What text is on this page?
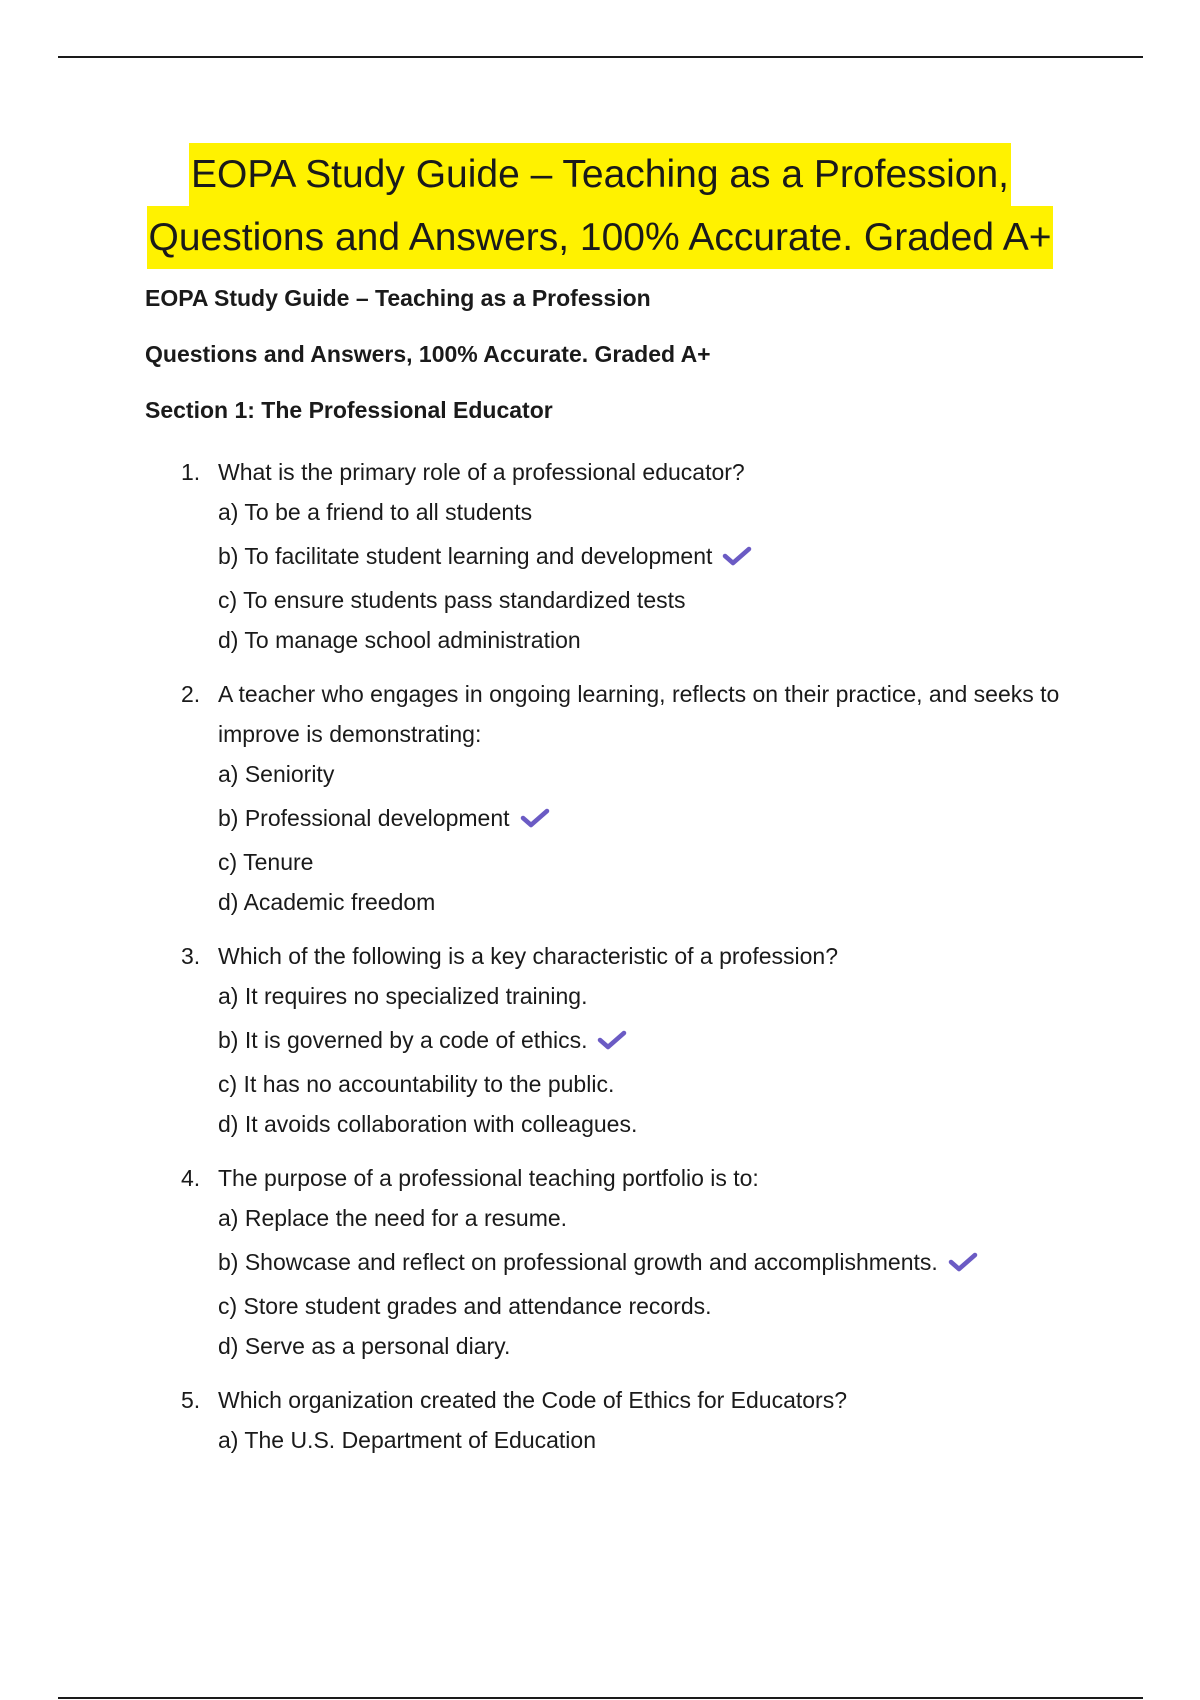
EOPA Study Guide – Teaching as a Profession,
Questions and Answers, 100% Accurate. Graded A+

EOPA Study Guide – Teaching as a Profession

Questions and Answers, 100% Accurate. Graded A+

Section 1: The Professional Educator

1. What is the primary role of a professional educator?
a) To be a friend to all students
b) To facilitate student learning and development
c) To ensure students pass standardized tests
d) To manage school administration
2. A teacher who engages in ongoing learning, reflects on their practice, and seeks to improve is demonstrating:
a) Seniority
b) Professional development
c) Tenure
d) Academic freedom
3. Which of the following is a key characteristic of a profession?
a) It requires no specialized training.
b) It is governed by a code of ethics.
c) It has no accountability to the public.
d) It avoids collaboration with colleagues.
4. The purpose of a professional teaching portfolio is to:
a) Replace the need for a resume.
b) Showcase and reflect on professional growth and accomplishments.
c) Store student grades and attendance records.
d) Serve as a personal diary.
5. Which organization created the Code of Ethics for Educators?
a) The U.S. Department of Education
